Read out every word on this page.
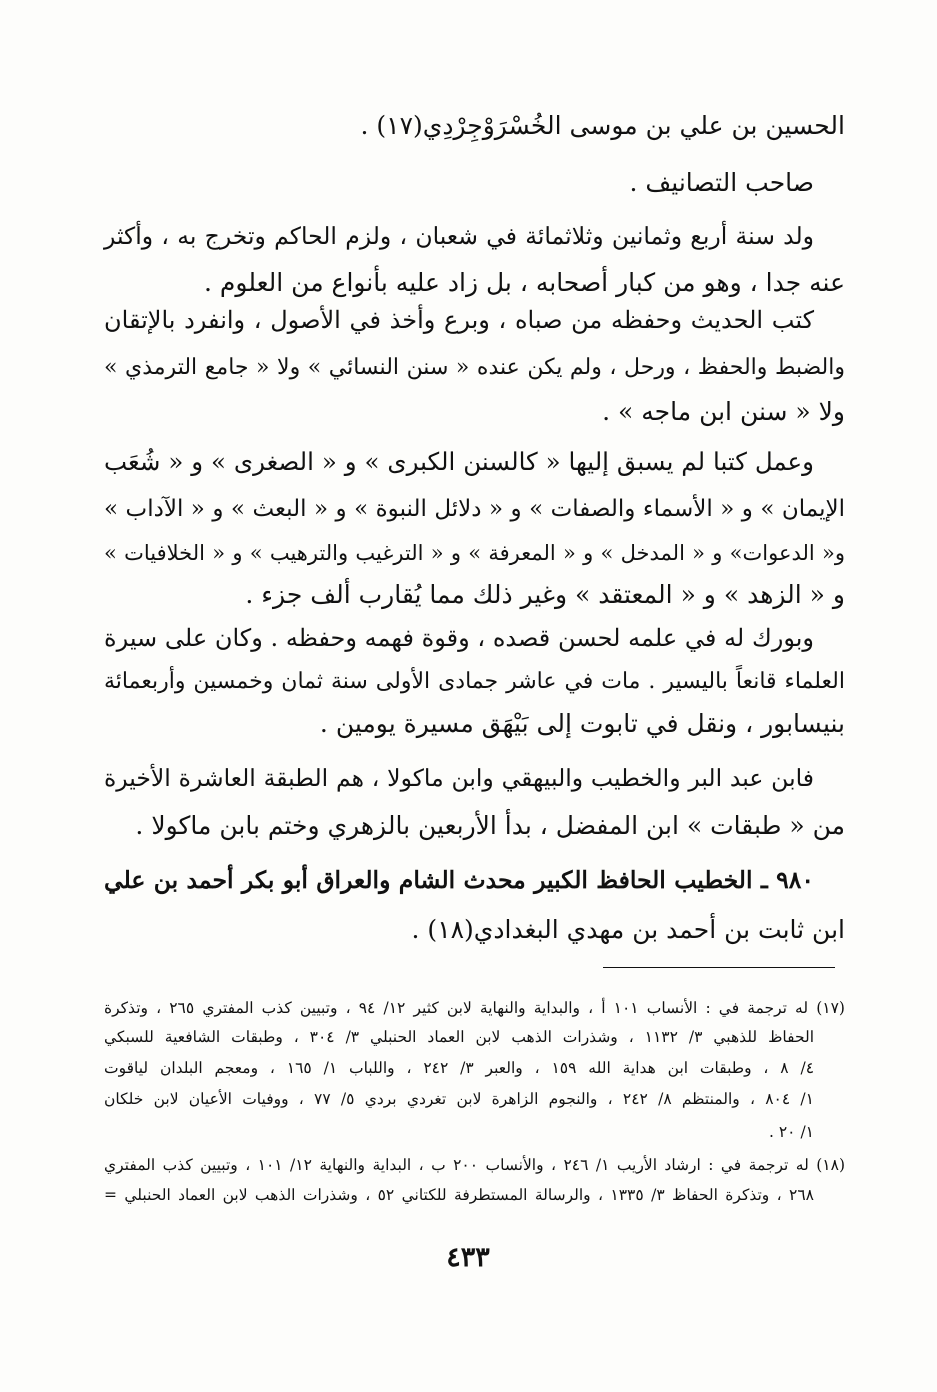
الحسين بن علي بن موسى الخُسْرَوْجِرْدِي(١٧) .
صاحب التصانيف .
ولد سنة أربع وثمانين وثلاثمائة في شعبان ، ولزم الحاكم وتخرج به ، وأكثر
عنه جدا ، وهو من كبار أصحابه ، بل زاد عليه بأنواع من العلوم .
كتب الحديث وحفظه من صباه ، وبرع وأخذ في الأصول ، وانفرد بالإتقان
والضبط والحفظ ، ورحل ، ولم يكن عنده « سنن النسائي » ولا « جامع الترمذي »
ولا « سنن ابن ماجه » .
وعمل كتبا لم يسبق إليها « كالسنن الكبرى » و « الصغرى » و « شُعَب
الإيمان » و « الأسماء والصفات » و « دلائل النبوة » و « البعث » و « الآداب »
و« الدعوات» و « المدخل » و « المعرفة » و « الترغيب والترهيب » و « الخلافيات »
و « الزهد » و « المعتقد » وغير ذلك مما يُقارب ألف جزء .
وبورك له في علمه لحسن قصده ، وقوة فهمه وحفظه . وكان على سيرة
العلماء قانعاً باليسير . مات في عاشر جمادى الأولى سنة ثمان وخمسين وأربعمائة
بنيسابور ، ونقل في تابوت إلى بَيْهَق مسيرة يومين .
فابن عبد البر والخطيب والبيهقي وابن ماكولا ، هم الطبقة العاشرة الأخيرة
من « طبقات » ابن المفضل ، بدأ الأربعين بالزهري وختم بابن ماكولا .
٩٨٠ ـ الخطيب الحافظ الكبير محدث الشام والعراق أبو بكر أحمد بن علي
ابن ثابت بن أحمد بن مهدي البغدادي(١٨) .
(١٧) له ترجمة في : الأنساب ١٠١ أ ، والبداية والنهاية لابن كثير ١٢/ ٩٤ ، وتبيين كذب المفتري ٢٦٥ ، وتذكرة
الحفاظ للذهبي ٣/ ١١٣٢ ، وشذرات الذهب لابن العماد الحنبلي ٣/ ٣٠٤ ، وطبقات الشافعية للسبكي
٤/ ٨ ، وطبقات ابن هداية الله ١٥٩ ، والعبر ٣/ ٢٤٢ ، واللباب ١/ ١٦٥ ، ومعجم البلدان لياقوت
١/ ٨٠٤ ، والمنتظم ٨/ ٢٤٢ ، والنجوم الزاهرة لابن تغردي بردي ٥/ ٧٧ ، ووفيات الأعيان لابن خلكان
١/ ٢٠ .
(١٨) له ترجمة في : ارشاد الأريب ١/ ٢٤٦ ، والأنساب ٢٠٠ ب ، البداية والنهاية ١٢/ ١٠١ ، وتبيين كذب المفتري
٢٦٨ ، وتذكرة الحفاظ ٣/ ١٣٣٥ ، والرسالة المستطرفة للكتاني ٥٢ ، وشذرات الذهب لابن العماد الحنبلي =
٤٣٣
